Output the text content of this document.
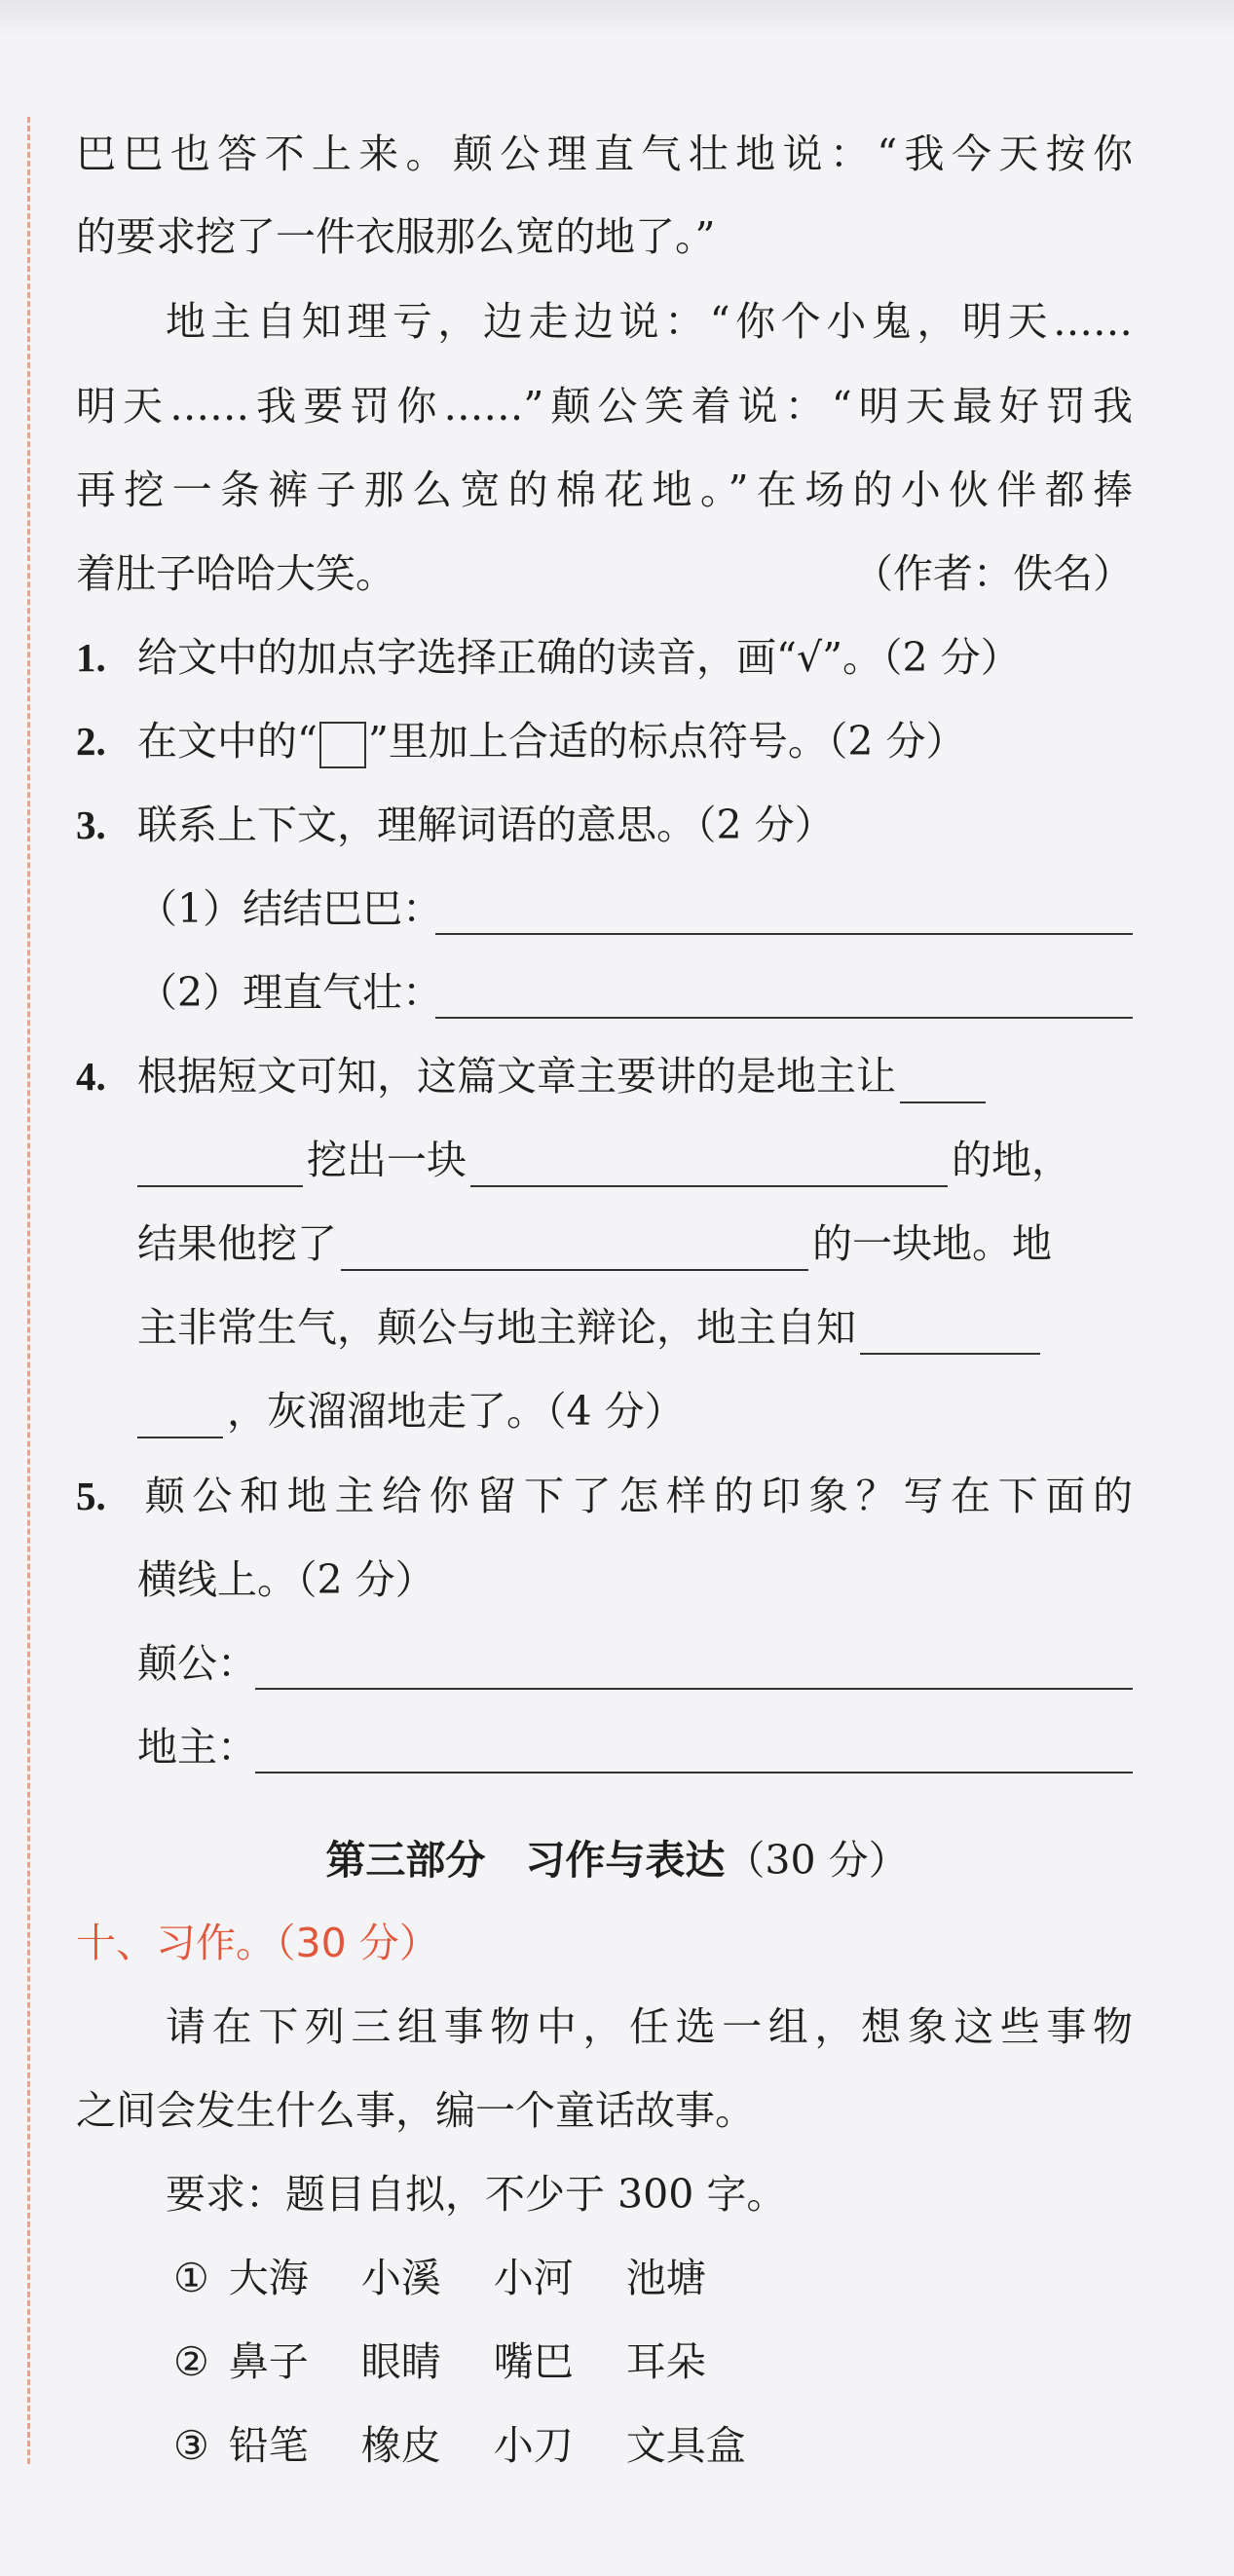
巴巴也答不上来。颠公理直气壮地说：“我今天按你
的要求挖了一件衣服那么宽的地了。”
地主自知理亏，边走边说：“你个小鬼，明天……
明天……我要罚你……”颠公笑着说：“明天最好罚我
再挖一条裤子那么宽的棉花地。”在场的小伙伴都捧
着肚子哈哈大笑。	（作者：佚名）
1. 给文中的加点字选择正确的读音，画“√”。（2 分）
2. 在文中的“ ”里加上合适的标点符号。（2 分）
3. 联系上下文，理解词语的意思。（2 分）
（1）结结巴巴：
（2）理直气壮：
4. 根据短文可知，这篇文章主要讲的是地主让
挖出一块	的地，
结果他挖了	的一块地。地
主非常生气，颠公与地主辩论，地主自知
，灰溜溜地走了。（4 分）
5. 颠公和地主给你留下了怎样的印象？写在下面的
横线上。（2 分）
颠公：
地主：
第三部分　习作与表达（30 分）
十、习作。（30 分）
请在下列三组事物中，任选一组，想象这些事物
之间会发生什么事，编一个童话故事。
要求：题目自拟，不少于 300 字。
① 大海 小溪 小河 池塘
② 鼻子 眼睛 嘴巴 耳朵
③ 铅笔 橡皮 小刀 文具盒
